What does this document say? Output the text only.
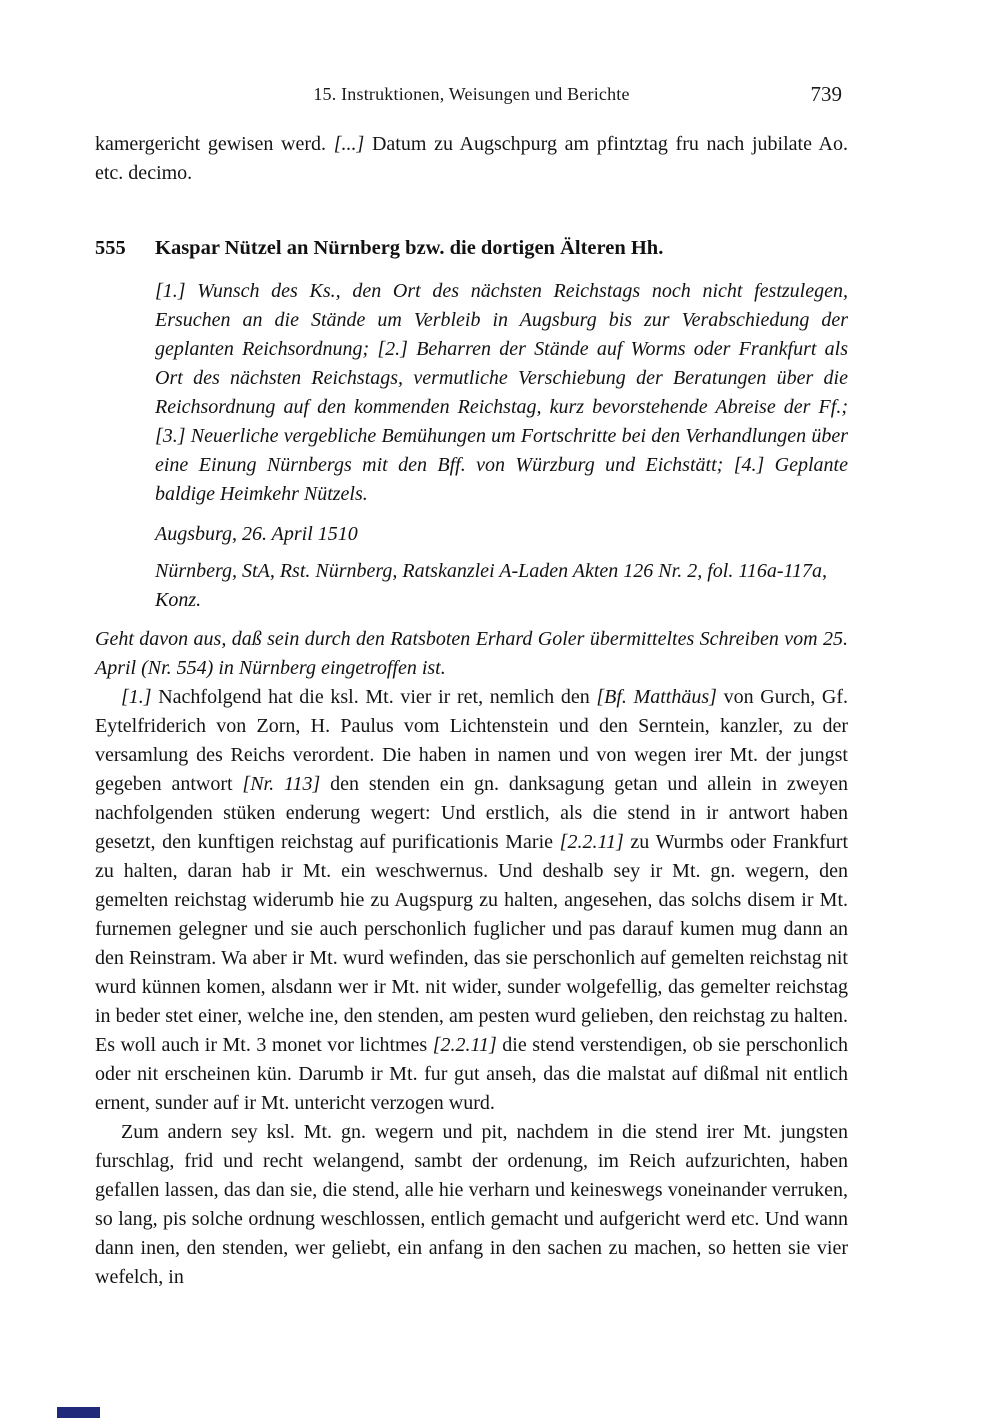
15. Instruktionen, Weisungen und Berichte	739

kamergericht gewisen werd. [...] Datum zu Augschpurg am pfintztag fru nach jubilate Ao. etc. decimo.

555	Kaspar Nützel an Nürnberg bzw. die dortigen Älteren Hh.

[1.] Wunsch des Ks., den Ort des nächsten Reichstags noch nicht festzulegen, Ersuchen an die Stände um Verbleib in Augsburg bis zur Verabschiedung der geplanten Reichsordnung; [2.] Beharren der Stände auf Worms oder Frankfurt als Ort des nächsten Reichstags, vermutliche Verschiebung der Beratungen über die Reichsordnung auf den kommenden Reichstag, kurz bevorstehende Abreise der Ff.; [3.] Neuerliche vergebliche Bemühungen um Fortschritte bei den Verhandlungen über eine Einung Nürnbergs mit den Bff. von Würzburg und Eichstätt; [4.] Geplante baldige Heimkehr Nützels.

Augsburg, 26. April 1510

Nürnberg, StA, Rst. Nürnberg, Ratskanzlei A-Laden Akten 126 Nr. 2, fol. 116a-117a, Konz.

Geht davon aus, daß sein durch den Ratsboten Erhard Goler übermitteltes Schreiben vom 25. April (Nr. 554) in Nürnberg eingetroffen ist.

[1.] Nachfolgend hat die ksl. Mt. vier ir ret, nemlich den [Bf. Matthäus] von Gurch, Gf. Eytelfriderich von Zorn, H. Paulus vom Lichtenstein und den Serntein, kanzler, zu der versamlung des Reichs verordent. Die haben in namen und von wegen irer Mt. der jungst gegeben antwort [Nr. 113] den stenden ein gn. danksagung getan und allein in zweyen nachfolgenden stüken enderung wegert: Und erstlich, als die stend in ir antwort haben gesetzt, den kunftigen reichstag auf purificationis Marie [2.2.11] zu Wurmbs oder Frankfurt zu halten, daran hab ir Mt. ein weschwernus. Und deshalb sey ir Mt. gn. wegern, den gemelten reichstag widerumb hie zu Augspurg zu halten, angesehen, das solchs disem ir Mt. furnemen gelegner und sie auch perschonlich fuglicher und pas darauf kumen mug dann an den Reinstram. Wa aber ir Mt. wurd wefinden, das sie perschonlich auf gemelten reichstag nit wurd künnen komen, alsdann wer ir Mt. nit wider, sunder wolgefellig, das gemelter reichstag in beder stet einer, welche ine, den stenden, am pesten wurd gelieben, den reichstag zu halten. Es woll auch ir Mt. 3 monet vor lichtmes [2.2.11] die stend verstendigen, ob sie perschonlich oder nit erscheinen kün. Darumb ir Mt. fur gut anseh, das die malstat auf dißmal nit entlich ernent, sunder auf ir Mt. untericht verzogen wurd.

Zum andern sey ksl. Mt. gn. wegern und pit, nachdem in die stend irer Mt. jungsten furschlag, frid und recht welangend, sambt der ordenung, im Reich aufzurichten, haben gefallen lassen, das dan sie, die stend, alle hie verharn und keineswegs voneinander verruken, so lang, pis solche ordnung weschlossen, entlich gemacht und aufgericht werd etc. Und wann dann inen, den stenden, wer geliebt, ein anfang in den sachen zu machen, so hetten sie vier wefelch, in
